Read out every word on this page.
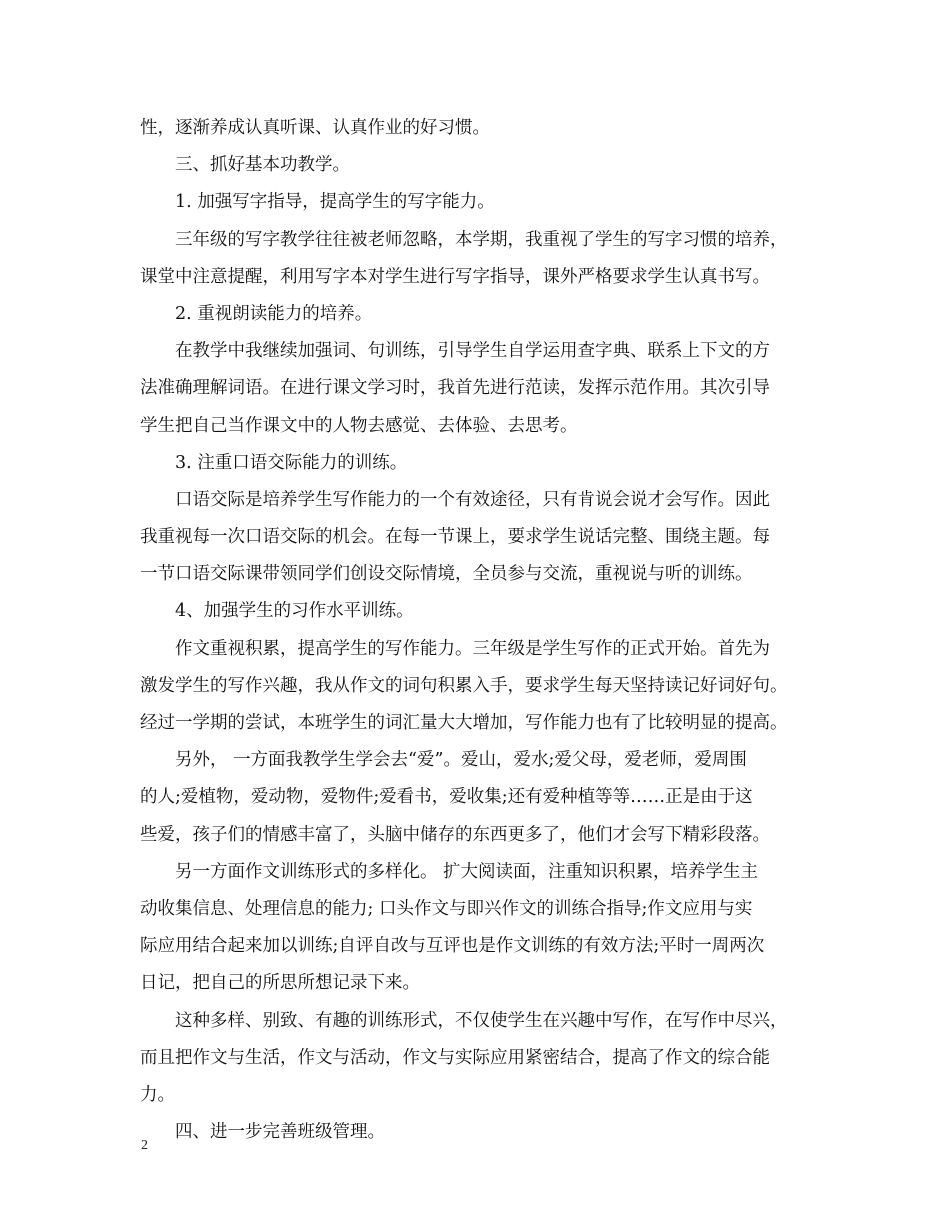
性，逐渐养成认真听课、认真作业的好习惯。
三、抓好基本功教学。
1. 加强写字指导，提高学生的写字能力。
三年级的写字教学往往被老师忽略，本学期，我重视了学生的写字习惯的培养，
课堂中注意提醒，利用写字本对学生进行写字指导，课外严格要求学生认真书写。
2. 重视朗读能力的培养。
在教学中我继续加强词、句训练，引导学生自学运用查字典、联系上下文的方
法准确理解词语。在进行课文学习时，我首先进行范读，发挥示范作用。其次引导
学生把自己当作课文中的人物去感觉、去体验、去思考。
3. 注重口语交际能力的训练。
口语交际是培养学生写作能力的一个有效途径，只有肯说会说才会写作。因此
我重视每一次口语交际的机会。在每一节课上，要求学生说话完整、围绕主题。每
一节口语交际课带领同学们创设交际情境，全员参与交流，重视说与听的训练。
4、加强学生的习作水平训练。
作文重视积累，提高学生的写作能力。三年级是学生写作的正式开始。首先为
激发学生的写作兴趣，我从作文的词句积累入手，要求学生每天坚持读记好词好句。
经过一学期的尝试，本班学生的词汇量大大增加，写作能力也有了比较明显的提高。
另外， 一方面我教学生学会去“爱”。爱山，爱水;爱父母，爱老师，爱周围
的人;爱植物，爱动物，爱物件;爱看书，爱收集;还有爱种植等等……正是由于这
些爱，孩子们的情感丰富了，头脑中储存的东西更多了，他们才会写下精彩段落。
另一方面作文训练形式的多样化。 扩大阅读面，注重知识积累，培养学生主
动收集信息、处理信息的能力; 口头作文与即兴作文的训练合指导;作文应用与实
际应用结合起来加以训练;自评自改与互评也是作文训练的有效方法;平时一周两次
日记，把自己的所思所想记录下来。
这种多样、别致、有趣的训练形式，不仅使学生在兴趣中写作，在写作中尽兴，
而且把作文与生活，作文与活动，作文与实际应用紧密结合，提高了作文的综合能
力。
四、进一步完善班级管理。
2
